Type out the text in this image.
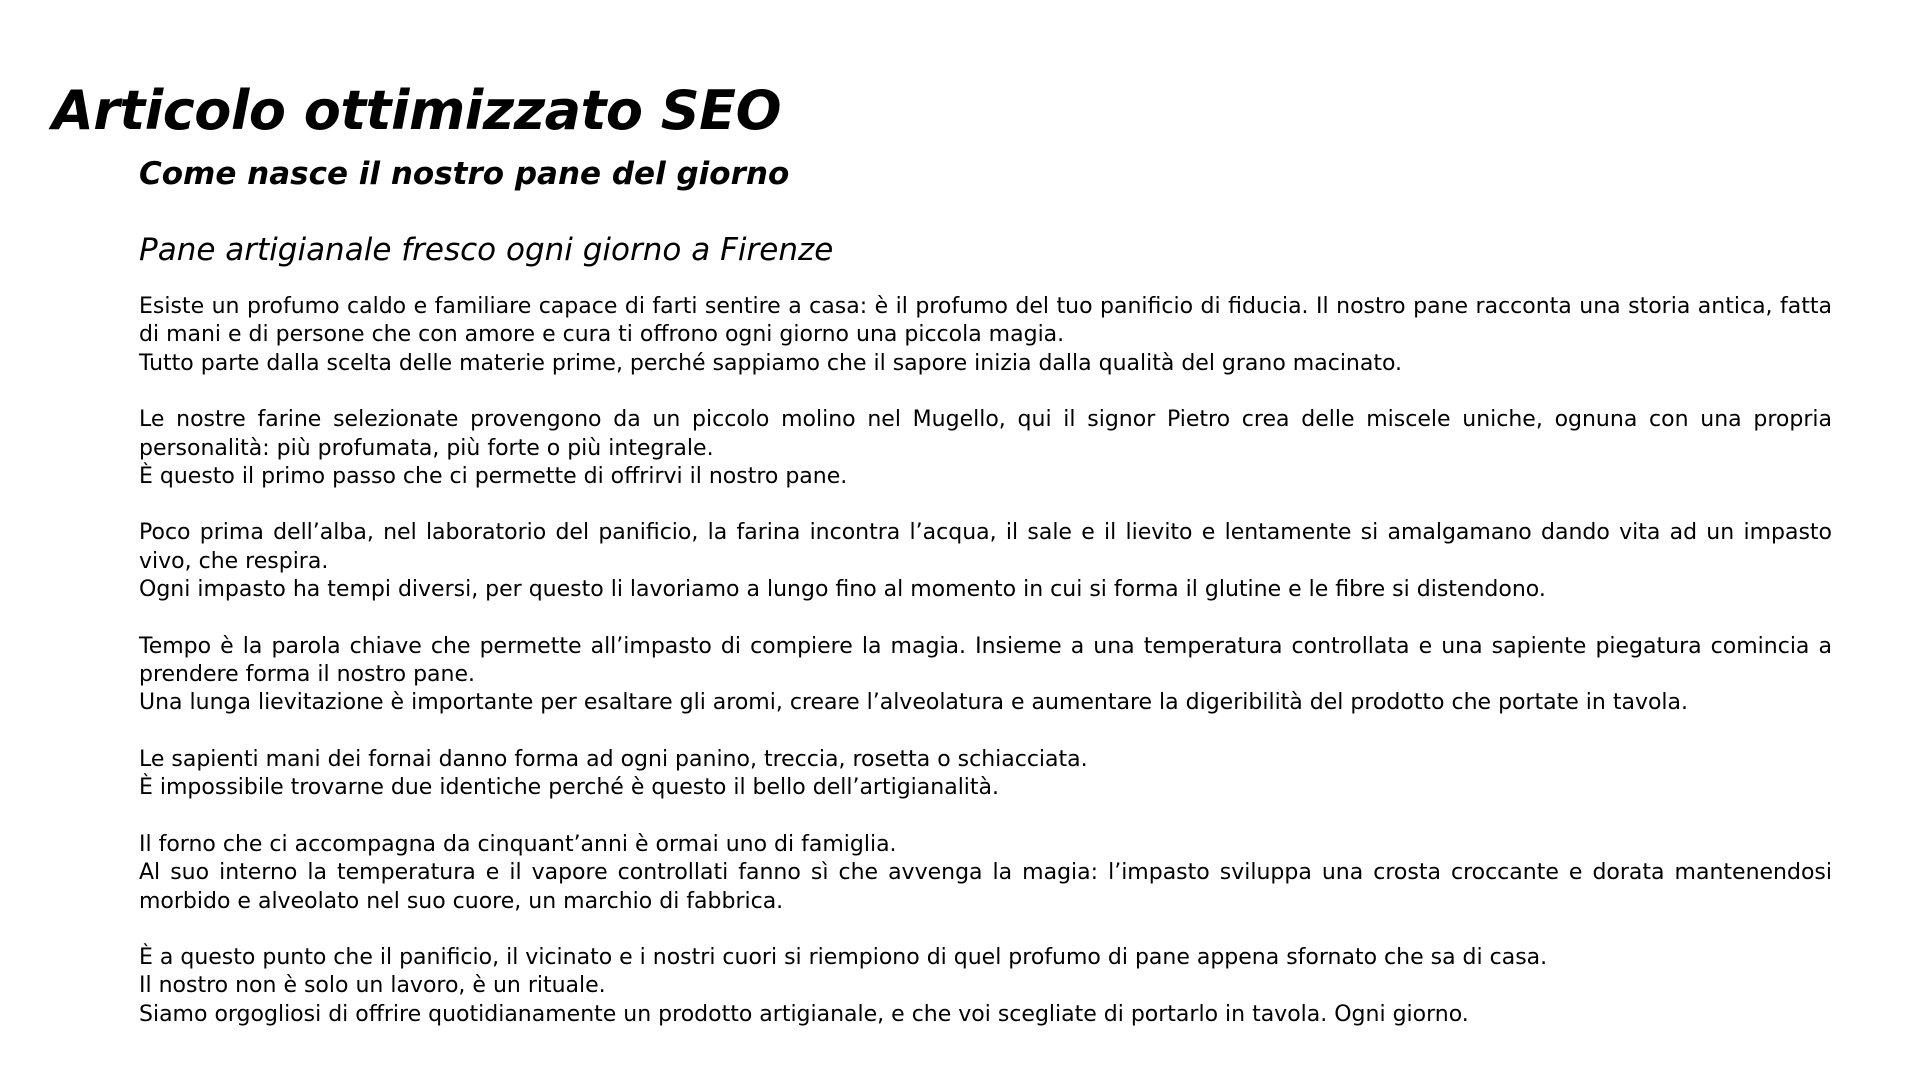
Articolo ottimizzato SEO
Come nasce il nostro pane del giorno
Pane artigianale fresco ogni giorno a Firenze

Esiste un profumo caldo e familiare capace di farti sentire a casa: è il profumo del tuo panificio di fiducia. Il nostro pane racconta una storia antica, fatta di mani e di persone che con amore e cura ti offrono ogni giorno una piccola magia.
Tutto parte dalla scelta delle materie prime, perché sappiamo che il sapore inizia dalla qualità del grano macinato.

Le nostre farine selezionate provengono da un piccolo molino nel Mugello, qui il signor Pietro crea delle miscele uniche, ognuna con una propria personalità: più profumata, più forte o più integrale.
È questo il primo passo che ci permette di offrirvi il nostro pane.

Poco prima dell’alba, nel laboratorio del panificio, la farina incontra l’acqua, il sale e il lievito e lentamente si amalgamano dando vita ad un impasto vivo, che respira.
Ogni impasto ha tempi diversi, per questo li lavoriamo a lungo fino al momento in cui si forma il glutine e le fibre si distendono.

Tempo è la parola chiave che permette all’impasto di compiere la magia. Insieme a una temperatura controllata e una sapiente piegatura comincia a prendere forma il nostro pane.
Una lunga lievitazione è importante per esaltare gli aromi, creare l’alveolatura e aumentare la digeribilità del prodotto che portate in tavola.

Le sapienti mani dei fornai danno forma ad ogni panino, treccia, rosetta o schiacciata.
È impossibile trovarne due identiche perché è questo il bello dell’artigianalità.

Il forno che ci accompagna da cinquant’anni è ormai uno di famiglia.
Al suo interno la temperatura e il vapore controllati fanno sì che avvenga la magia: l’impasto sviluppa una crosta croccante e dorata mantenendosi morbido e alveolato nel suo cuore, un marchio di fabbrica.

È a questo punto che il panificio, il vicinato e i nostri cuori si riempiono di quel profumo di pane appena sfornato che sa di casa.
Il nostro non è solo un lavoro, è un rituale.
Siamo orgogliosi di offrire quotidianamente un prodotto artigianale, e che voi scegliate di portarlo in tavola. Ogni giorno.
